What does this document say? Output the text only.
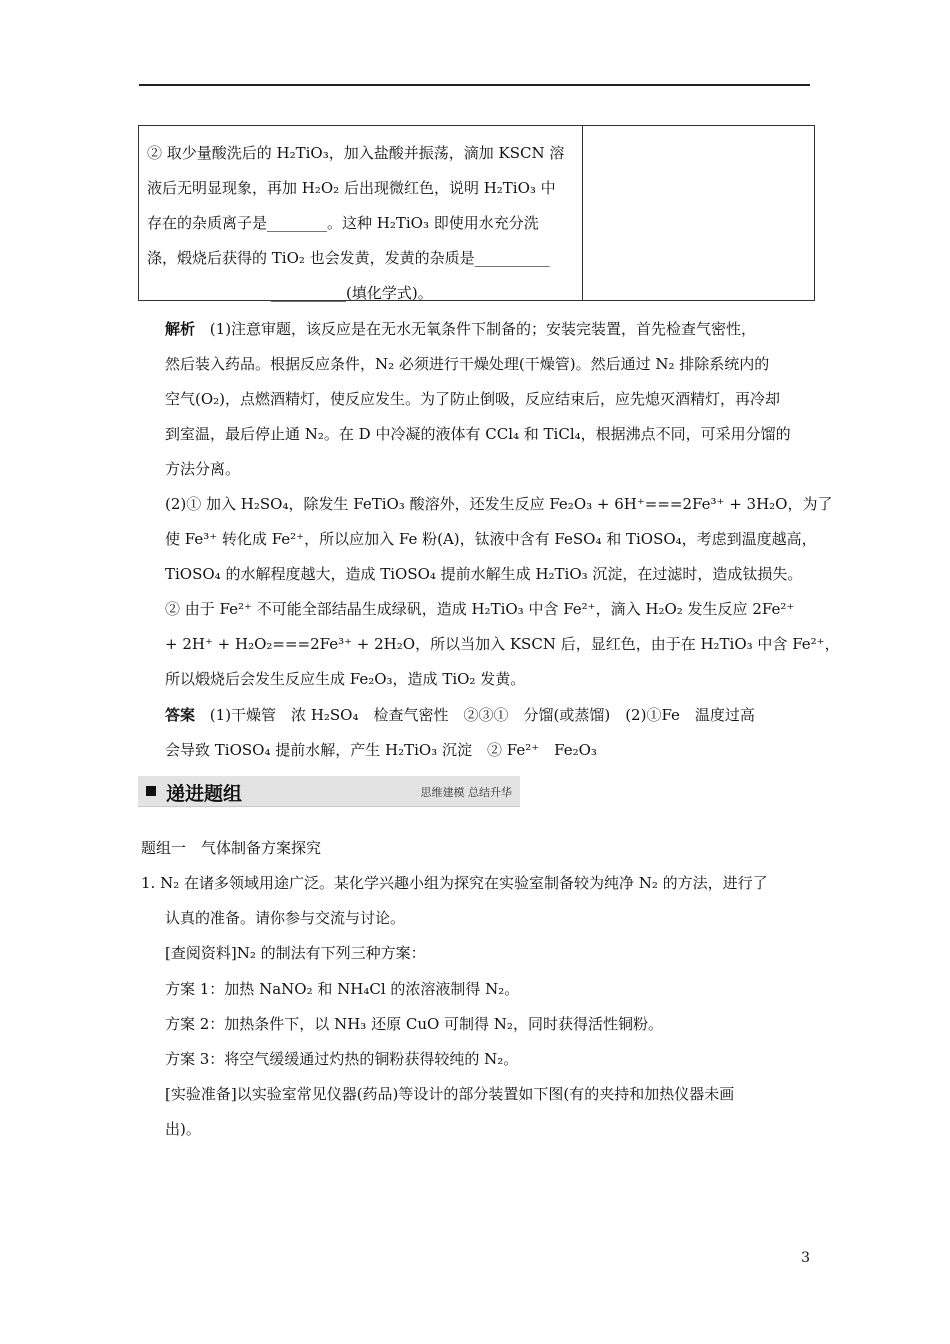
② 取少量酸洗后的 H₂TiO₃，加入盐酸并振荡，滴加 KSCN 溶
液后无明显现象，再加 H₂O₂ 后出现微红色，说明 H₂TiO₃ 中
存在的杂质离子是________。这种 H₂TiO₃ 即使用水充分洗
涤，煅烧后获得的 TiO₂ 也会发黄，发黄的杂质是__________
__________(填化学式)。
解析 (1)注意审题，该反应是在无水无氧条件下制备的；安装完装置，首先检查气密性，
然后装入药品。根据反应条件，N₂ 必须进行干燥处理(干燥管)。然后通过 N₂ 排除系统内的
空气(O₂)，点燃酒精灯，使反应发生。为了防止倒吸，反应结束后，应先熄灭酒精灯，再冷却
到室温，最后停止通 N₂。在 D 中冷凝的液体有 CCl₄ 和 TiCl₄，根据沸点不同，可采用分馏的
方法分离。
(2)① 加入 H₂SO₄，除发生 FeTiO₃ 酸溶外，还发生反应 Fe₂O₃ + 6H⁺===2Fe³⁺ + 3H₂O，为了
使 Fe³⁺ 转化成 Fe²⁺，所以应加入 Fe 粉(A)，钛液中含有 FeSO₄ 和 TiOSO₄，考虑到温度越高，
TiOSO₄ 的水解程度越大，造成 TiOSO₄ 提前水解生成 H₂TiO₃ 沉淀，在过滤时，造成钛损失。
② 由于 Fe²⁺ 不可能全部结晶生成绿矾，造成 H₂TiO₃ 中含 Fe²⁺，滴入 H₂O₂ 发生反应 2Fe²⁺
+ 2H⁺ + H₂O₂===2Fe³⁺ + 2H₂O，所以当加入 KSCN 后，显红色，由于在 H₂TiO₃ 中含 Fe²⁺，
所以煅烧后会发生反应生成 Fe₂O₃，造成 TiO₂ 发黄。
答案 (1)干燥管　浓 H₂SO₄　检查气密性　②③①　分馏(或蒸馏)　(2)①Fe　温度过高
会导致 TiOSO₄ 提前水解，产生 H₂TiO₃ 沉淀　② Fe²⁺　Fe₂O₃
递进题组	思维建模 总结升华
题组一　气体制备方案探究
1. N₂ 在诸多领域用途广泛。某化学兴趣小组为探究在实验室制备较为纯净 N₂ 的方法，进行了
认真的准备。请你参与交流与讨论。
[查阅资料]N₂ 的制法有下列三种方案：
方案 1：加热 NaNO₂ 和 NH₄Cl 的浓溶液制得 N₂。
方案 2：加热条件下，以 NH₃ 还原 CuO 可制得 N₂，同时获得活性铜粉。
方案 3：将空气缓缓通过灼热的铜粉获得较纯的 N₂。
[实验准备]以实验室常见仪器(药品)等设计的部分装置如下图(有的夹持和加热仪器未画
出)。
3
